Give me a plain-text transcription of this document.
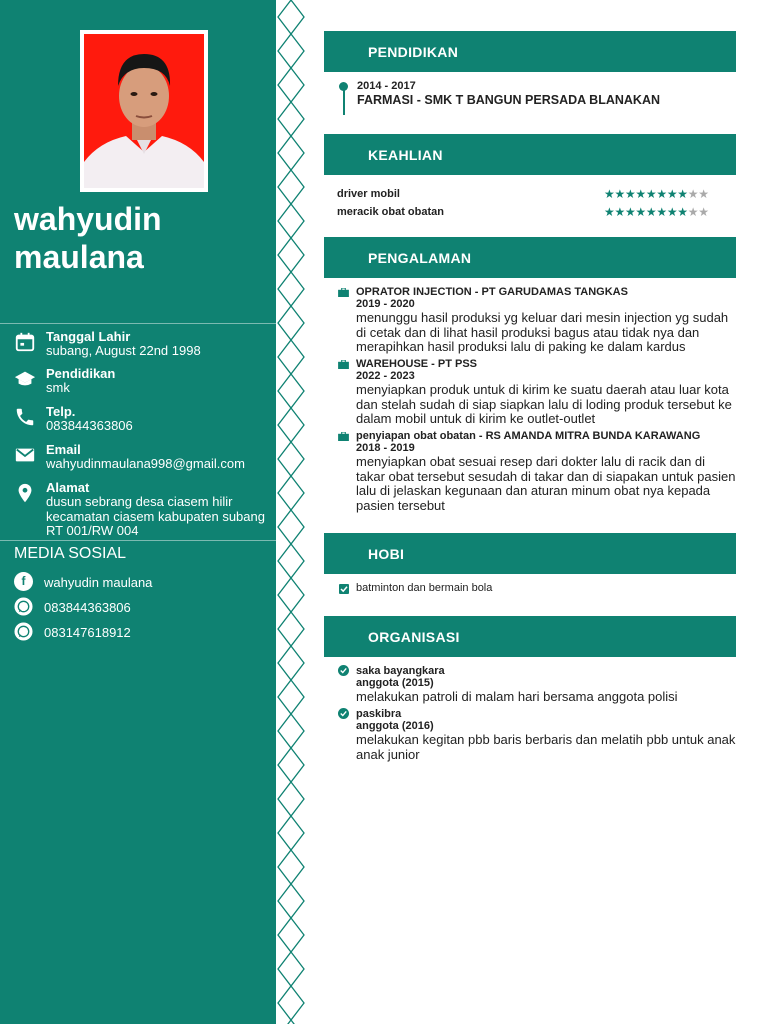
wahyudin
maulana
Tanggal Lahir
subang, August 22nd 1998
Pendidikan
smk
Telp.
083844363806
Email
wahyudinmaulana998@gmail.com
Alamat
dusun sebrang desa ciasem hilir kecamatan ciasem kabupaten subang RT 001/RW 004
MEDIA SOSIAL
f	wahyudin maulana
083844363806
083147618912
PENDIDIKAN
2014 - 2017
FARMASI - SMK T BANGUN PERSADA BLANAKAN
KEAHLIAN
driver mobil	★★★★★★★★★★
meracik obat obatan	★★★★★★★★★★
PENGALAMAN
OPRATOR INJECTION - PT GARUDAMAS TANGKAS
2019 - 2020
menunggu hasil produksi yg keluar dari mesin injection yg sudah di cetak dan di lihat hasil produksi bagus atau tidak nya dan merapihkan hasil produksi lalu di paking ke dalam kardus
WAREHOUSE - PT PSS
2022 - 2023
menyiapkan produk untuk di kirim ke suatu daerah atau luar kota dan stelah sudah di siap siapkan lalu di loding produk tersebut ke dalam mobil untuk di kirim ke outlet-outlet
penyiapan obat obatan - RS AMANDA MITRA BUNDA KARAWANG
2018 - 2019
menyiapkan obat sesuai resep dari dokter lalu di racik dan di takar obat tersebut sesudah di takar dan di siapakan untuk pasien lalu di jelaskan kegunaan dan aturan minum obat nya kepada pasien tersebut
HOBI
batminton dan bermain bola
ORGANISASI
saka bayangkara
anggota (2015)
melakukan patroli di malam hari bersama anggota polisi
paskibra
anggota (2016)
melakukan kegitan pbb baris berbaris dan melatih pbb untuk anak anak junior
